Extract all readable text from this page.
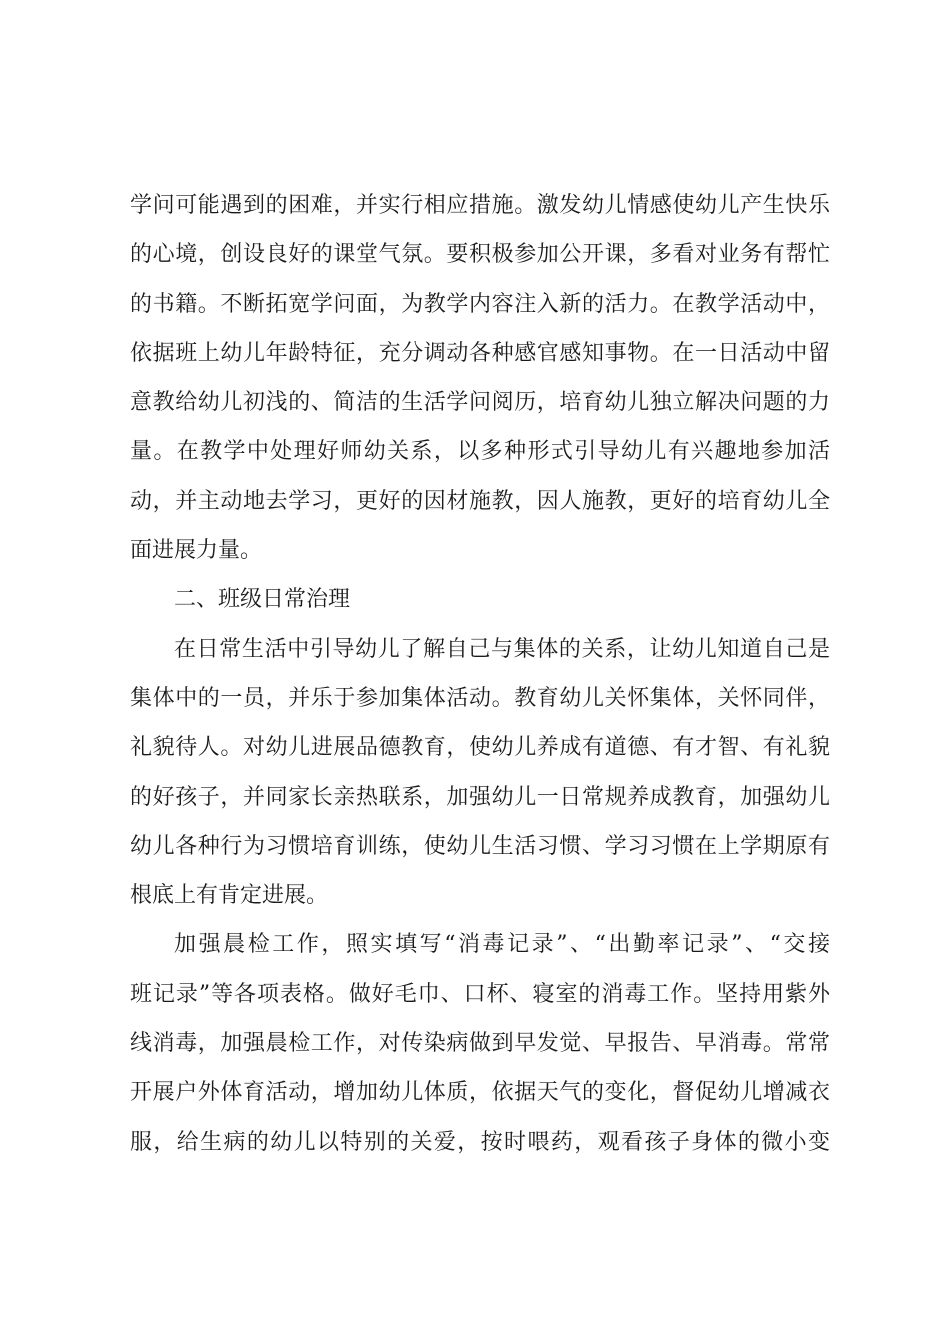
学问可能遇到的困难，并实行相应措施。激发幼儿情感使幼儿产生快乐
的心境，创设良好的课堂气氛。要积极参加公开课，多看对业务有帮忙
的书籍。不断拓宽学问面，为教学内容注入新的活力。在教学活动中，
依据班上幼儿年龄特征，充分调动各种感官感知事物。在一日活动中留
意教给幼儿初浅的、简洁的生活学问阅历，培育幼儿独立解决问题的力
量。在教学中处理好师幼关系，以多种形式引导幼儿有兴趣地参加活
动，并主动地去学习，更好的因材施教，因人施教，更好的培育幼儿全
面进展力量。
二、班级日常治理
在日常生活中引导幼儿了解自己与集体的关系，让幼儿知道自己是
集体中的一员，并乐于参加集体活动。教育幼儿关怀集体，关怀同伴，
礼貌待人。对幼儿进展品德教育，使幼儿养成有道德、有才智、有礼貌
的好孩子，并同家长亲热联系，加强幼儿一日常规养成教育，加强幼儿
幼儿各种行为习惯培育训练，使幼儿生活习惯、学习习惯在上学期原有
根底上有肯定进展。
加强晨检工作，照实填写“消毒记录”、“出勤率记录”、“交接
班记录”等各项表格。做好毛巾、口杯、寝室的消毒工作。坚持用紫外
线消毒，加强晨检工作，对传染病做到早发觉、早报告、早消毒。常常
开展户外体育活动，增加幼儿体质，依据天气的变化，督促幼儿增减衣
服，给生病的幼儿以特别的关爱，按时喂药，观看孩子身体的微小变
